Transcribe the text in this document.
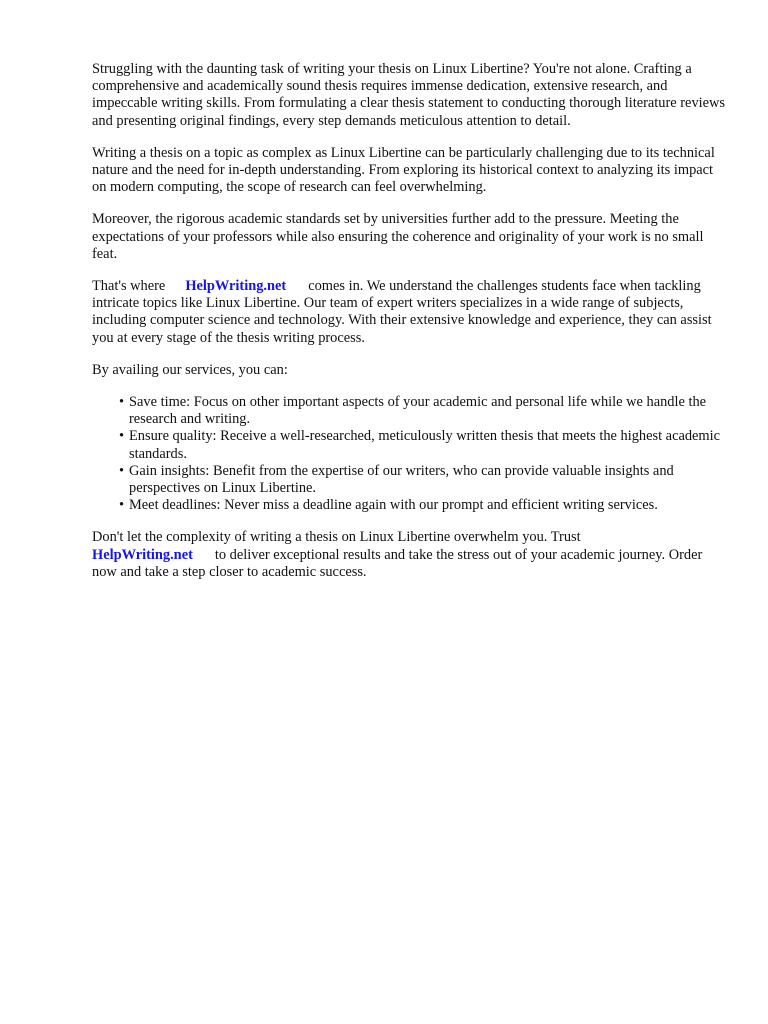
Struggling with the daunting task of writing your thesis on Linux Libertine? You're not alone. Crafting a comprehensive and academically sound thesis requires immense dedication, extensive research, and impeccable writing skills. From formulating a clear thesis statement to conducting thorough literature reviews and presenting original findings, every step demands meticulous attention to detail.

Writing a thesis on a topic as complex as Linux Libertine can be particularly challenging due to its technical nature and the need for in-depth understanding. From exploring its historical context to analyzing its impact on modern computing, the scope of research can feel overwhelming.

Moreover, the rigorous academic standards set by universities further add to the pressure. Meeting the expectations of your professors while also ensuring the coherence and originality of your work is no small feat.

That's where HelpWriting.net comes in. We understand the challenges students face when tackling intricate topics like Linux Libertine. Our team of expert writers specializes in a wide range of subjects, including computer science and technology. With their extensive knowledge and experience, they can assist you at every stage of the thesis writing process.

By availing our services, you can:

• Save time: Focus on other important aspects of your academic and personal life while we handle the research and writing.
• Ensure quality: Receive a well-researched, meticulously written thesis that meets the highest academic standards.
• Gain insights: Benefit from the expertise of our writers, who can provide valuable insights and perspectives on Linux Libertine.
• Meet deadlines: Never miss a deadline again with our prompt and efficient writing services.

Don't let the complexity of writing a thesis on Linux Libertine overwhelm you. Trust
HelpWriting.net to deliver exceptional results and take the stress out of your academic journey. Order now and take a step closer to academic success.
